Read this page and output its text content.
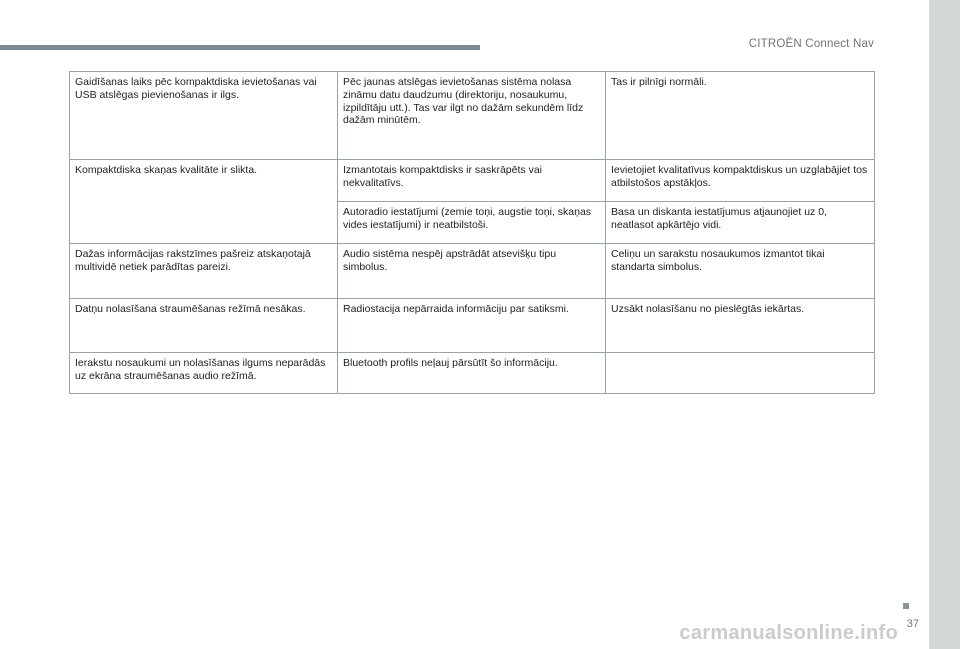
CITROËN Connect Nav
Gaidīšanas laiks pēc kompaktdiska ievietošanas vai USB atslēgas pievienošanas ir ilgs.	Pēc jaunas atslēgas ievietošanas sistēma nolasa zināmu datu daudzumu (direktoriju, nosaukumu, izpildītāju utt.). Tas var ilgt no dažām sekundēm līdz dažām minūtēm.	Tas ir pilnīgi normāli.
Kompaktdiska skaņas kvalitāte ir slikta.	Izmantotais kompaktdisks ir saskrāpēts vai nekvalitatīvs.	Ievietojiet kvalitatīvus kompaktdiskus un uzglabājiet tos atbilstošos apstākļos.
	Autoradio iestatījumi (zemie toņi, augstie toņi, skaņas vides iestatījumi) ir neatbilstoši.	Basa un diskanta iestatījumus atjaunojiet uz 0, neatlasot apkārtējo vidi.
Dažas informācijas rakstzīmes pašreiz atskaņotajā multividē netiek parādītas pareizi.	Audio sistēma nespēj apstrādāt atsevišķu tipu simbolus.	Celiņu un sarakstu nosaukumos izmantot tikai standarta simbolus.
Datņu nolasīšana straumēšanas režīmā nesākas.	Radiostacija nepārraida informāciju par satiksmi.	Uzsākt nolasīšanu no pieslēgtās iekārtas.
Ierakstu nosaukumi un nolasīšanas ilgums neparādās uz ekrāna straumēšanas audio režīmā.	Bluetooth profils neļauj pārsūtīt šo informāciju.	
carmanualsonline.info 37
